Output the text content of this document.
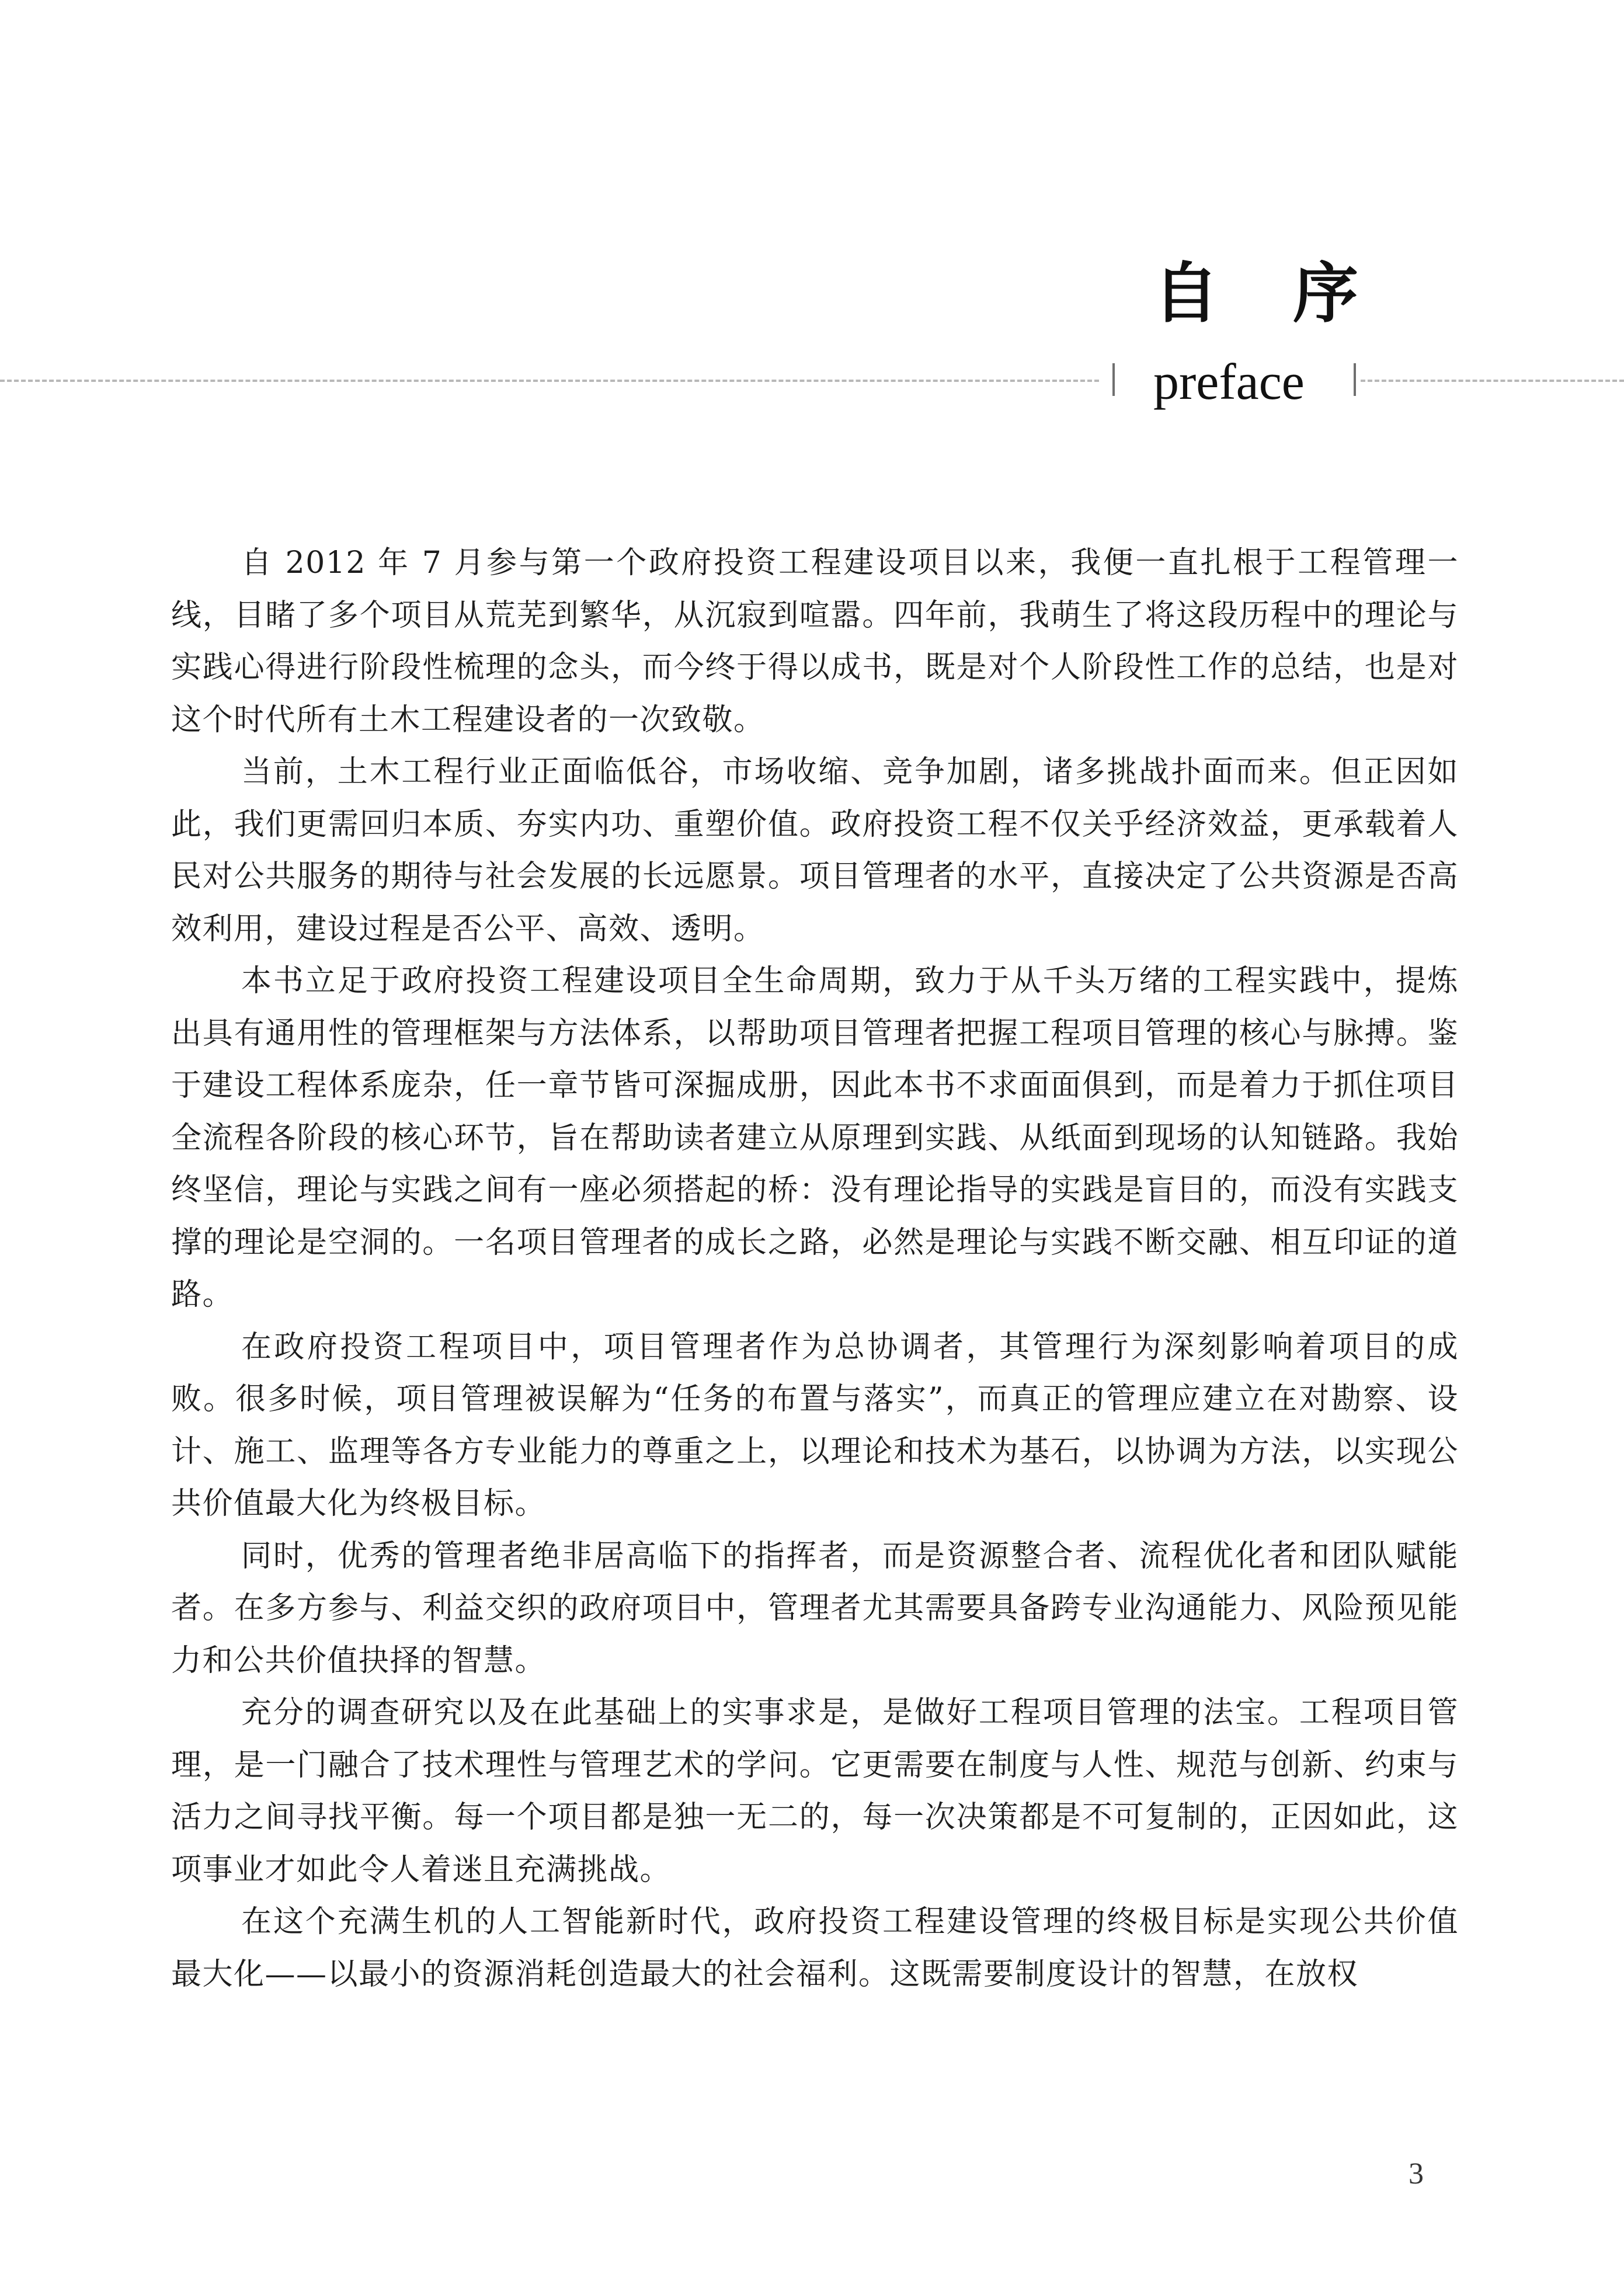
自 序
preface

自 2012 年 7 月参与第一个政府投资工程建设项目以来，我便一直扎根于工程管理一线，目睹了多个项目从荒芜到繁华，从沉寂到喧嚣。四年前，我萌生了将这段历程中的理论与实践心得进行阶段性梳理的念头，而今终于得以成书，既是对个人阶段性工作的总结，也是对这个时代所有土木工程建设者的一次致敬。

当前，土木工程行业正面临低谷，市场收缩、竞争加剧，诸多挑战扑面而来。但正因如此，我们更需回归本质、夯实内功、重塑价值。政府投资工程不仅关乎经济效益，更承载着人民对公共服务的期待与社会发展的长远愿景。项目管理者的水平，直接决定了公共资源是否高效利用，建设过程是否公平、高效、透明。

本书立足于政府投资工程建设项目全生命周期，致力于从千头万绪的工程实践中，提炼出具有通用性的管理框架与方法体系，以帮助项目管理者把握工程项目管理的核心与脉搏。鉴于建设工程体系庞杂，任一章节皆可深掘成册，因此本书不求面面俱到，而是着力于抓住项目全流程各阶段的核心环节，旨在帮助读者建立从原理到实践、从纸面到现场的认知链路。我始终坚信，理论与实践之间有一座必须搭起的桥：没有理论指导的实践是盲目的，而没有实践支撑的理论是空洞的。一名项目管理者的成长之路，必然是理论与实践不断交融、相互印证的道路。

在政府投资工程项目中，项目管理者作为总协调者，其管理行为深刻影响着项目的成败。很多时候，项目管理被误解为“任务的布置与落实”，而真正的管理应建立在对勘察、设计、施工、监理等各方专业能力的尊重之上，以理论和技术为基石，以协调为方法，以实现公共价值最大化为终极目标。

同时，优秀的管理者绝非居高临下的指挥者，而是资源整合者、流程优化者和团队赋能者。在多方参与、利益交织的政府项目中，管理者尤其需要具备跨专业沟通能力、风险预见能力和公共价值抉择的智慧。

充分的调查研究以及在此基础上的实事求是，是做好工程项目管理的法宝。工程项目管理，是一门融合了技术理性与管理艺术的学问。它更需要在制度与人性、规范与创新、约束与活力之间寻找平衡。每一个项目都是独一无二的，每一次决策都是不可复制的，正因如此，这项事业才如此令人着迷且充满挑战。

在这个充满生机的人工智能新时代，政府投资工程建设管理的终极目标是实现公共价值最大化——以最小的资源消耗创造最大的社会福利。这既需要制度设计的智慧，在放权

3
